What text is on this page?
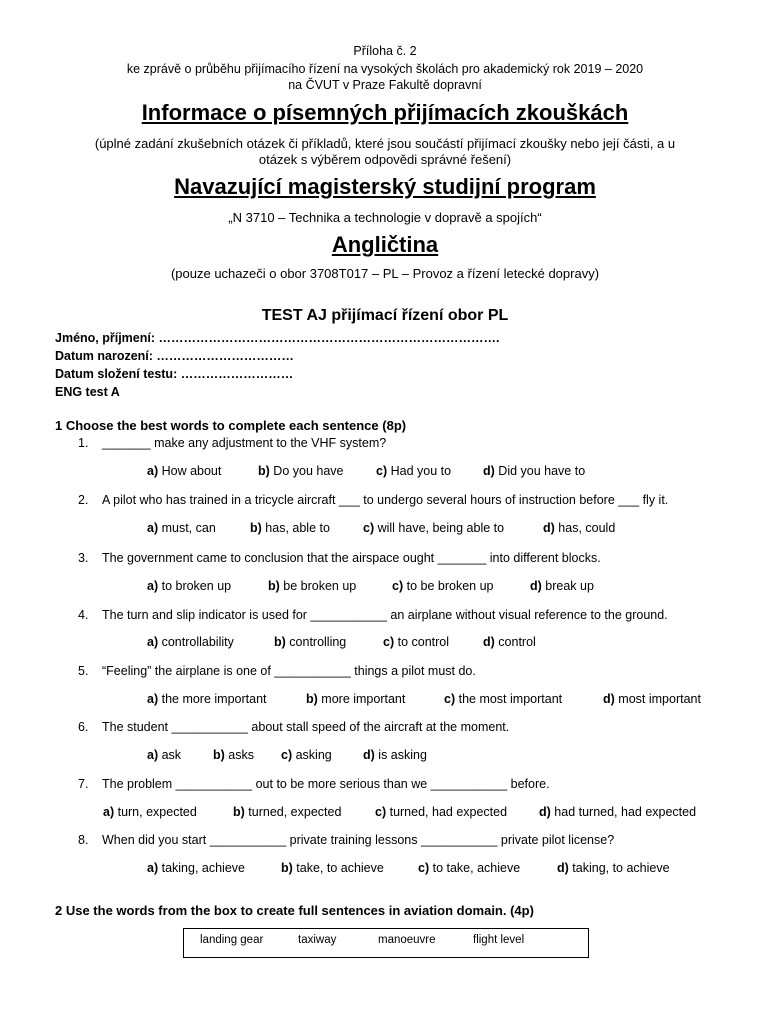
Příloha č. 2
ke zprávě o průběhu přijímacího řízení na vysokých školách pro akademický rok 2019 – 2020
na ČVUT v Praze Fakultě dopravní
Informace o písemných přijímacích zkouškách
(úplné zadání zkušebních otázek či příkladů, které jsou součástí přijímací zkoušky nebo její části, a u
otázek s výběrem odpovědi správné řešení)
Navazující magisterský studijní program
„N 3710 – Technika a technologie v dopravě a spojích“
Angličtina
(pouze uchazeči o obor 3708T017 – PL – Provoz a řízení letecké dopravy)
TEST AJ přijímací řízení obor PL
Jméno, příjmení: ……………………………………………………………………….
Datum narození: ……………………………
Datum složení testu: ………………………
ENG test A
1 Choose the best words to complete each sentence (8p)
1. _______ make any adjustment to the VHF system?
a) How about	b) Do you have	c) Had you to	d) Did you have to
2. A pilot who has trained in a tricycle aircraft ___ to undergo several hours of instruction before ___ fly it.
a) must, can	b) has, able to	c) will have, being able to	d) has, could
3. The government came to conclusion that the airspace ought _______ into different blocks.
a) to broken up	b) be broken up	c) to be broken up	d) break up
4. The turn and slip indicator is used for ___________ an airplane without visual reference to the ground.
a) controllability	b) controlling	c) to control	d) control
5. “Feeling” the airplane is one of ___________ things a pilot must do.
a) the more important	b) more important	c) the most important	d) most important
6. The student ___________ about stall speed of the aircraft at the moment.
a) ask	b) asks c) asking	d) is asking
7. The problem ___________ out to be more serious than we ___________ before.
a) turn, expected	b) turned, expected	c) turned, had expected	d) had turned, had expected
8. When did you start ___________ private training lessons ___________ private pilot license?
a) taking, achieve	b) take, to achieve	c) to take, achieve	d) taking, to achieve
2 Use the words from the box to create full sentences in aviation domain. (4p)
landing gear	taxiway	manoeuvre	flight level
